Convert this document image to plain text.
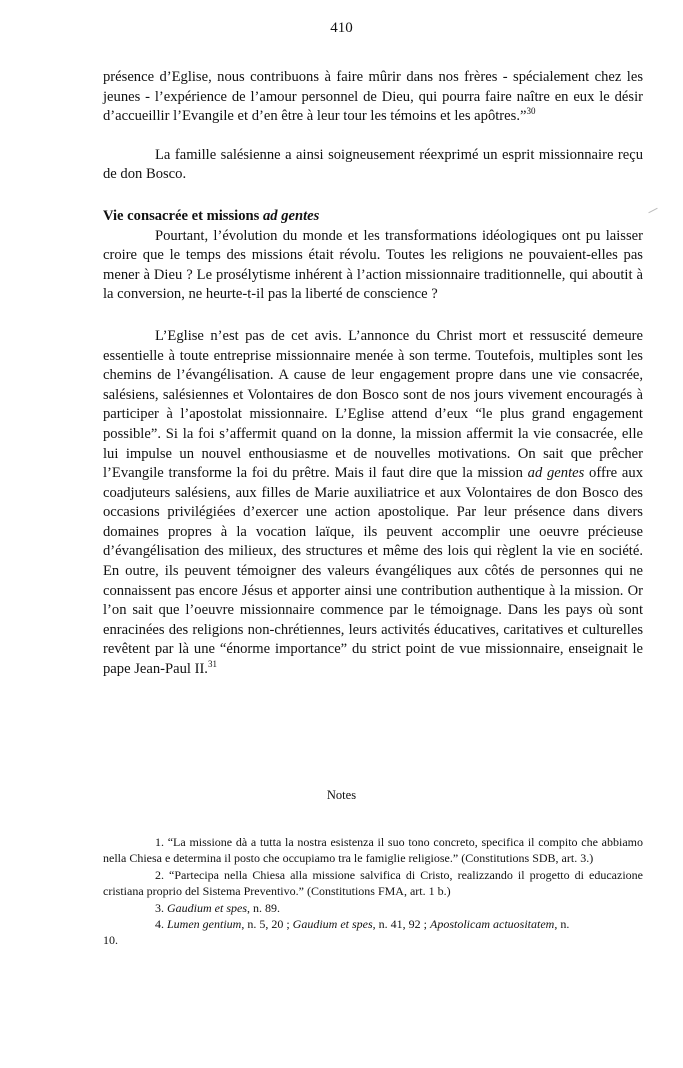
410

présence d’Eglise, nous contribuons à faire mûrir dans nos frères - spécialement chez les jeunes - l’expérience de l’amour personnel de Dieu, qui pourra faire naître en eux le désir d’accueillir l’Evangile et d’en être à leur tour les témoins et les apôtres.”$^{30}$

La famille salésienne a ainsi soigneusement réexprimé un esprit missionnaire reçu de don Bosco.

Vie consacrée et missions ad gentes

Pourtant, l’évolution du monde et les transformations idéologiques ont pu laisser croire que le temps des missions était révolu. Toutes les religions ne pouvaient-elles pas mener à Dieu ? Le prosélytisme inhérent à l’action missionnaire traditionnelle, qui aboutit à la conversion, ne heurte-t-il pas la liberté de conscience ?

L’Eglise n’est pas de cet avis. L’annonce du Christ mort et ressuscité demeure essentielle à toute entreprise missionnaire menée à son terme. Toutefois, multiples sont les chemins de l’évangélisation. A cause de leur engagement propre dans une vie consacrée, salésiens, salésiennes et Volontaires de don Bosco sont de nos jours vivement encouragés à participer à l’apostolat missionnaire. L’Eglise attend d’eux “le plus grand engagement possible”. Si la foi s’affermit quand on la donne, la mission affermit la vie consacrée, elle lui impulse un nouvel enthousiasme et de nouvelles motivations. On sait que prêcher l’Evangile transforme la foi du prêtre. Mais il faut dire que la mission ad gentes offre aux coadjuteurs salésiens, aux filles de Marie auxiliatrice et aux Volontaires de don Bosco des occasions privilégiées d’exercer une action apostolique. Par leur présence dans divers domaines propres à la vocation laïque, ils peuvent accomplir une oeuvre précieuse d’évangélisation des milieux, des structures et même des lois qui règlent la vie en société. En outre, ils peuvent témoigner des valeurs évangéliques aux côtés de personnes qui ne connaissent pas encore Jésus et apporter ainsi une contribution authentique à la mission. Or l’on sait que l’oeuvre missionnaire commence par le témoignage. Dans les pays où sont enracinées des religions non-chrétiennes, leurs activités éducatives, caritatives et culturelles revêtent par là une “énorme importance” du strict point de vue missionnaire, enseignait le pape Jean-Paul II.$^{31}$

Notes

1. “La missione dà a tutta la nostra esistenza il suo tono concreto, specifica il compito che abbiamo nella Chiesa e determina il posto che occupiamo tra le famiglie religiose.” (Constitutions SDB, art. 3.)

2. “Partecipa nella Chiesa alla missione salvifica di Cristo, realizzando il progetto di educazione cristiana proprio del Sistema Preventivo.” (Constitutions FMA, art. 1 b.)

3. Gaudium et spes, n. 89.

4. Lumen gentium, n. 5, 20 ; Gaudium et spes, n. 41, 92 ; Apostolicam actuositatem, n.

10.
